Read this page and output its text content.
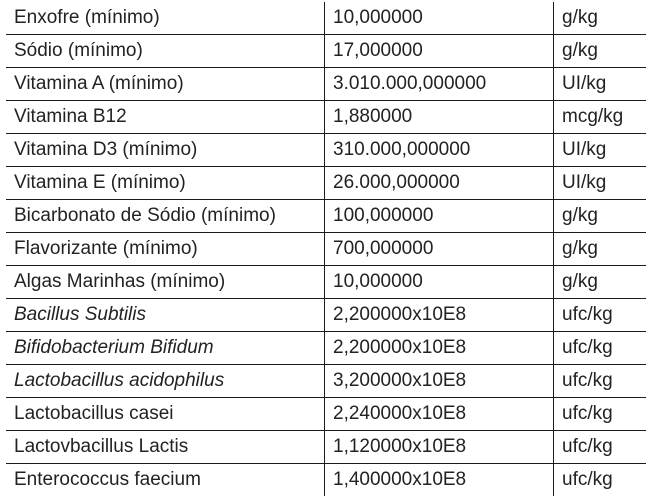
Enxofre (mínimo)	10,000000	g/kg
Sódio (mínimo)	17,000000	g/kg
Vitamina A (mínimo)	3.010.000,000000	UI/kg
Vitamina B12	1,880000	mcg/kg
Vitamina D3 (mínimo)	310.000,000000	UI/kg
Vitamina E (mínimo)	26.000,000000	UI/kg
Bicarbonato de Sódio (mínimo)	100,000000	g/kg
Flavorizante (mínimo)	700,000000	g/kg
Algas Marinhas (mínimo)	10,000000	g/kg
Bacillus Subtilis	2,200000x10E8	ufc/kg
Bifidobacterium Bifidum	2,200000x10E8	ufc/kg
Lactobacillus acidophilus	3,200000x10E8	ufc/kg
Lactobacillus casei	2,240000x10E8	ufc/kg
Lactovbacillus Lactis	1,120000x10E8	ufc/kg
Enterococcus faecium	1,400000x10E8	ufc/kg
